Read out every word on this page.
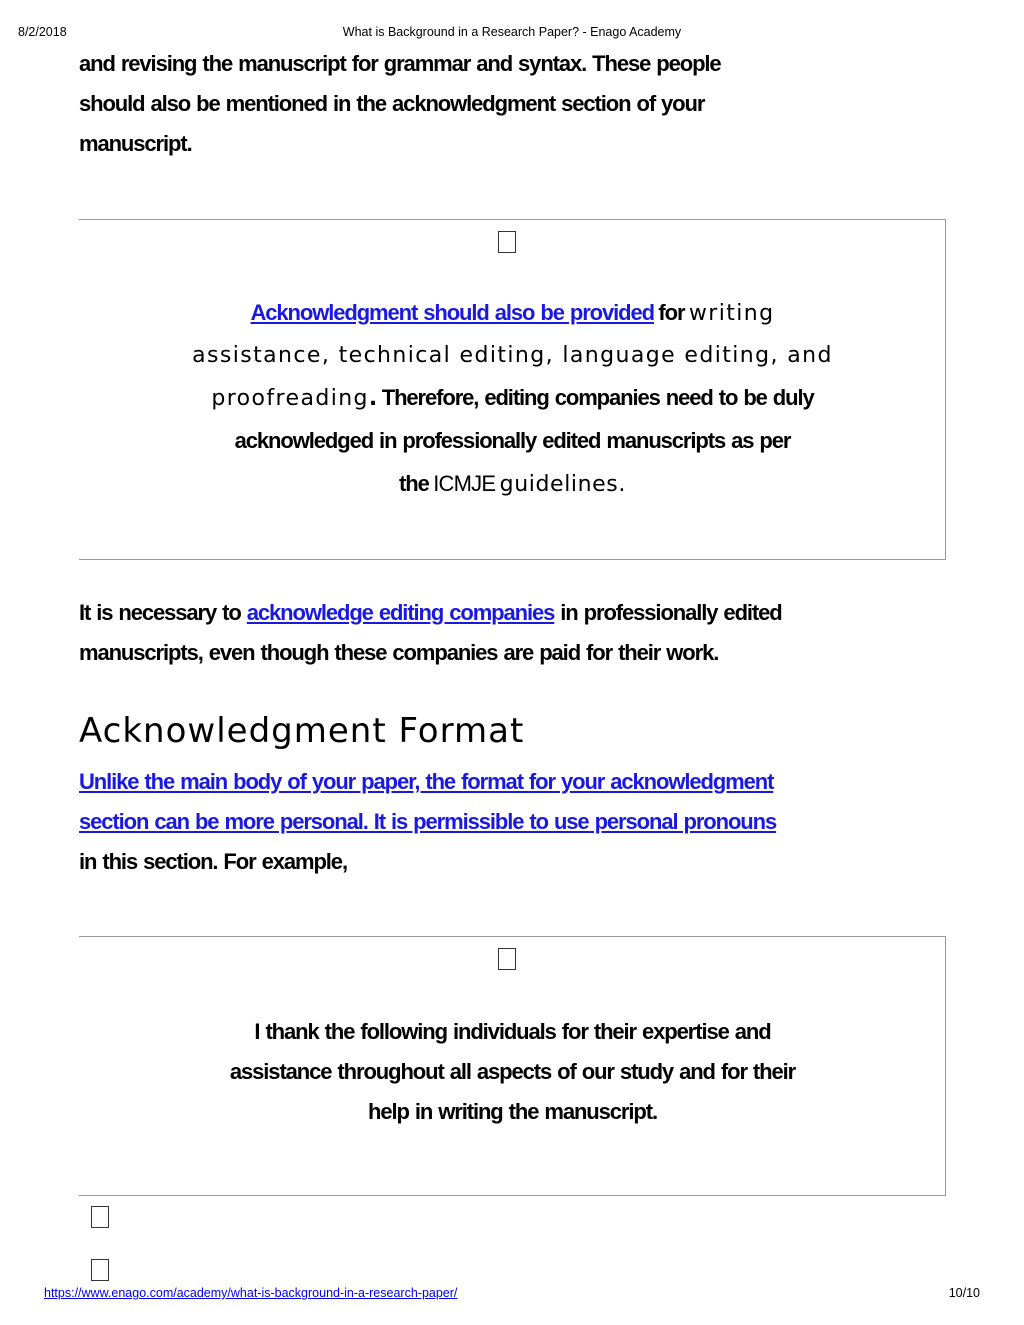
8/2/2018	What is Background in a Research Paper? - Enago Academy

and revising the manuscript for grammar and syntax. These people
should also be mentioned in the acknowledgment section of your
manuscript.

Acknowledgment should also be provided for writing
assistance, technical editing, language editing, and
proofreading. Therefore, editing companies need to be duly
acknowledged in professionally edited manuscripts as per
the ICMJE guidelines.

It is necessary to acknowledge editing companies in professionally edited
manuscripts, even though these companies are paid for their work.

Acknowledgment Format

Unlike the main body of your paper, the format for your acknowledgment
section can be more personal. It is permissible to use personal pronouns
in this section. For example,

I thank the following individuals for their expertise and
assistance throughout all aspects of our study and for their
help in writing the manuscript.

https://www.enago.com/academy/what-is-background-in-a-research-paper/	10/10
